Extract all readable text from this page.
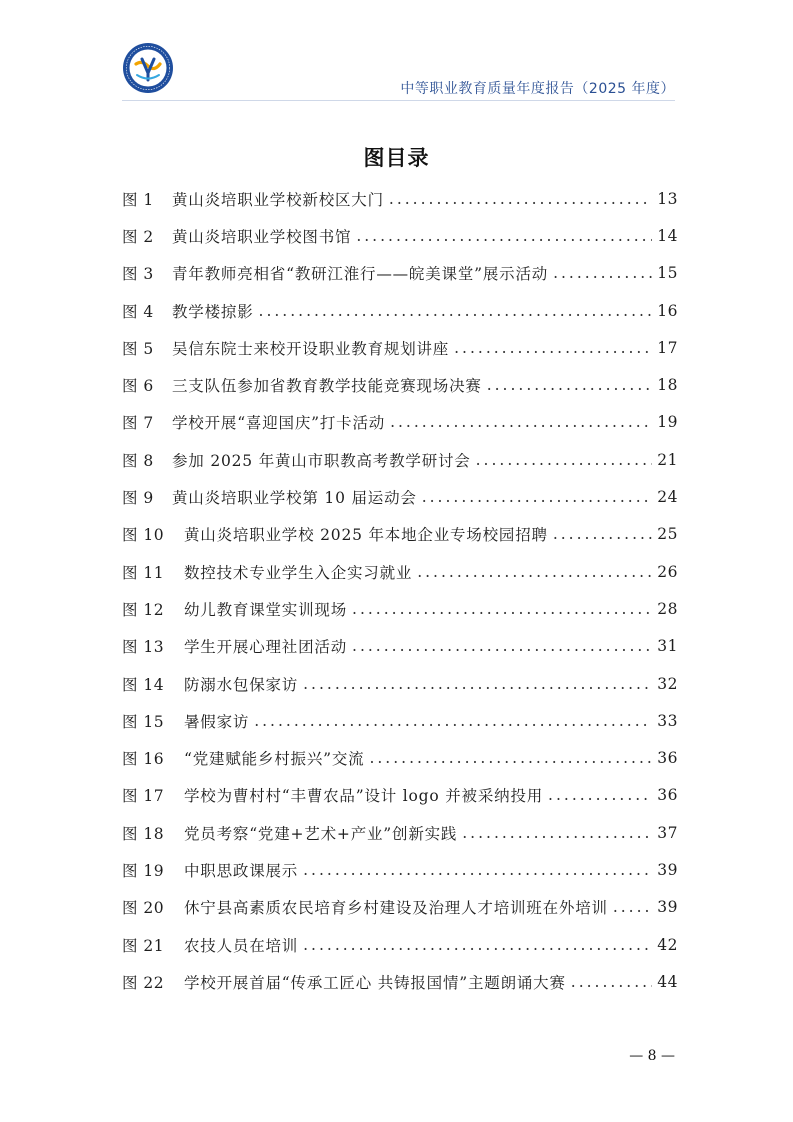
中等职业教育质量年度报告（2025 年度）
图目录
图 1	黄山炎培职业学校新校区大门 .....	13
图 2	黄山炎培职业学校图书馆 .....	14
图 3	青年教师亮相省“教研江淮行——皖美课堂”展示活动 .....	15
图 4	教学楼掠影 .....	16
图 5	吴信东院士来校开设职业教育规划讲座 .....	17
图 6	三支队伍参加省教育教学技能竞赛现场决赛 .....	18
图 7	学校开展“喜迎国庆”打卡活动 .....	19
图 8	参加 2025 年黄山市职教高考教学研讨会 .....	21
图 9	黄山炎培职业学校第 10 届运动会 .....	24
图 10	黄山炎培职业学校 2025 年本地企业专场校园招聘 .....	25
图 11	数控技术专业学生入企实习就业 .....	26
图 12	幼儿教育课堂实训现场 .....	28
图 13	学生开展心理社团活动 .....	31
图 14	防溺水包保家访 .....	32
图 15	暑假家访 .....	33
图 16	“党建赋能乡村振兴”交流 .....	36
图 17	学校为曹村村“丰曹农品”设计 logo 并被采纳投用 .....	36
图 18	党员考察“党建+艺术+产业”创新实践 .....	37
图 19	中职思政课展示 .....	39
图 20	休宁县高素质农民培育乡村建设及治理人才培训班在外培训 .....	39
图 21	农技人员在培训 .....	42
图 22	学校开展首届“传承工匠心 共铸报国情”主题朗诵大赛 .....	44
— 8 —
